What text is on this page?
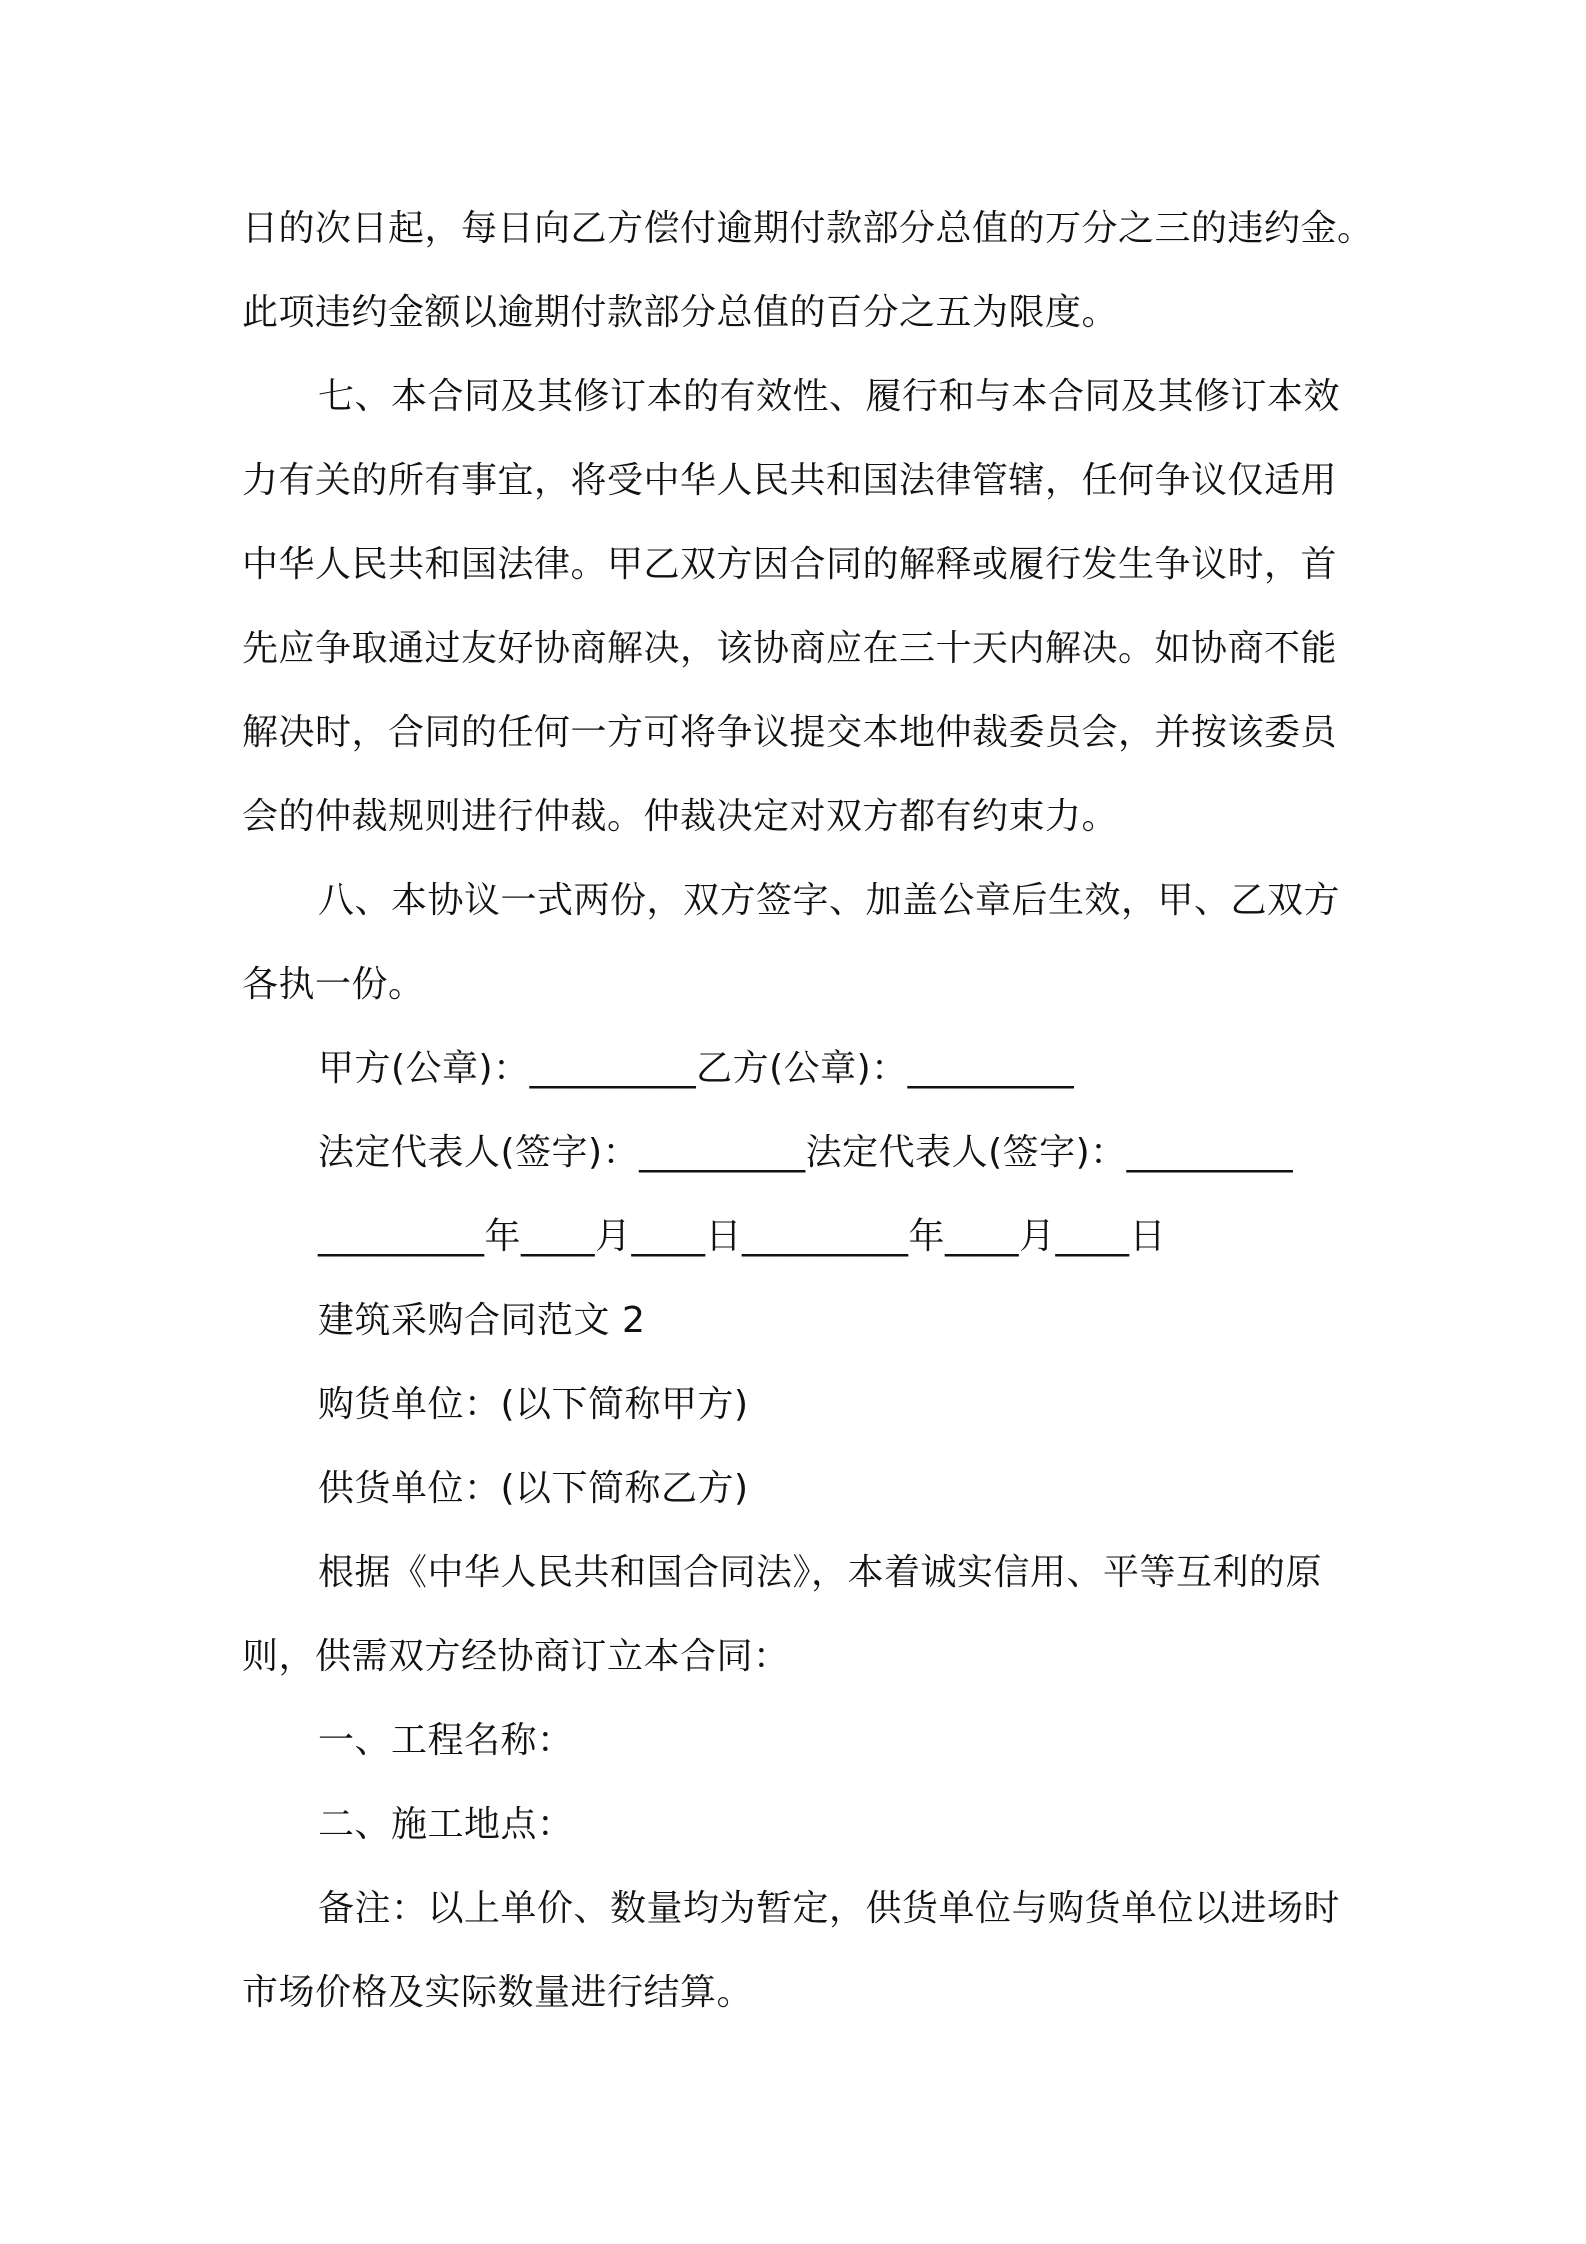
日的次日起，每日向乙方偿付逾期付款部分总值的万分之三的违约金。
此项违约金额以逾期付款部分总值的百分之五为限度。
七、本合同及其修订本的有效性、履行和与本合同及其修订本效
力有关的所有事宜，将受中华人民共和国法律管辖，任何争议仅适用
中华人民共和国法律。甲乙双方因合同的解释或履行发生争议时，首
先应争取通过友好协商解决，该协商应在三十天内解决。如协商不能
解决时，合同的任何一方可将争议提交本地仲裁委员会，并按该委员
会的仲裁规则进行仲裁。仲裁决定对双方都有约束力。
八、本协议一式两份，双方签字、加盖公章后生效，甲、乙双方
各执一份。
甲方(公章)：_________乙方(公章)：_________
法定代表人(签字)：_________法定代表人(签字)：_________
_________年____月____日_________年____月____日
建筑采购合同范文 2
购货单位：(以下简称甲方)
供货单位：(以下简称乙方)
根据《中华人民共和国合同法》，本着诚实信用、平等互利的原
则，供需双方经协商订立本合同：
一、工程名称：
二、施工地点：
备注：以上单价、数量均为暂定，供货单位与购货单位以进场时
市场价格及实际数量进行结算。
